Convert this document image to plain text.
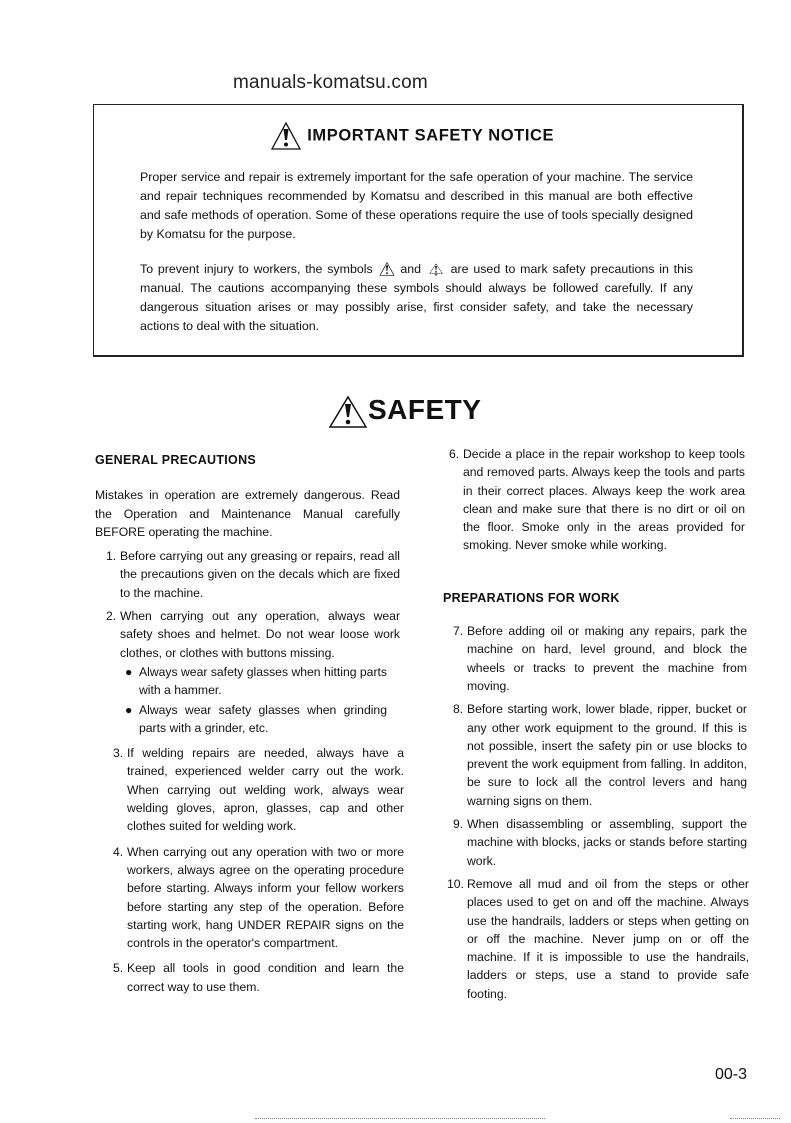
manuals-komatsu.com
IMPORTANT SAFETY NOTICE
Proper service and repair is extremely important for the safe operation of your machine. The service and repair techniques recommended by Komatsu and described in this manual are both effective and safe methods of operation. Some of these operations require the use of tools specially designed by Komatsu for the purpose.
To prevent injury to workers, the symbols and are used to mark safety precautions in this manual. The cautions accompanying these symbols should always be followed carefully. If any dangerous situation arises or may possibly arise, first consider safety, and take the necessary actions to deal with the situation.
SAFETY
GENERAL PRECAUTIONS
Mistakes in operation are extremely dangerous. Read the Operation and Maintenance Manual carefully BEFORE operating the machine.
1. Before carrying out any greasing or repairs, read all the precautions given on the decals which are fixed to the machine.
2. When carrying out any operation, always wear safety shoes and helmet. Do not wear loose work clothes, or clothes with buttons missing.
● Always wear safety glasses when hitting parts with a hammer.
● Always wear safety glasses when grinding parts with a grinder, etc.
3. If welding repairs are needed, always have a trained, experienced welder carry out the work. When carrying out welding work, always wear welding gloves, apron, glasses, cap and other clothes suited for welding work.
4. When carrying out any operation with two or more workers, always agree on the operating procedure before starting. Always inform your fellow workers before starting any step of the operation. Before starting work, hang UNDER REPAIR signs on the controls in the operator's compartment.
5. Keep all tools in good condition and learn the correct way to use them.
6. Decide a place in the repair workshop to keep tools and removed parts. Always keep the tools and parts in their correct places. Always keep the work area clean and make sure that there is no dirt or oil on the floor. Smoke only in the areas provided for smoking. Never smoke while working.
PREPARATIONS FOR WORK
7. Before adding oil or making any repairs, park the machine on hard, level ground, and block the wheels or tracks to prevent the machine from moving.
8. Before starting work, lower blade, ripper, bucket or any other work equipment to the ground. If this is not possible, insert the safety pin or use blocks to prevent the work equipment from falling. In additon, be sure to lock all the control levers and hang warning signs on them.
9. When disassembling or assembling, support the machine with blocks, jacks or stands before starting work.
10. Remove all mud and oil from the steps or other places used to get on and off the machine. Always use the handrails, ladders or steps when getting on or off the machine. Never jump on or off the machine. If it is impossible to use the handrails, ladders or steps, use a stand to provide safe footing.
00-3
